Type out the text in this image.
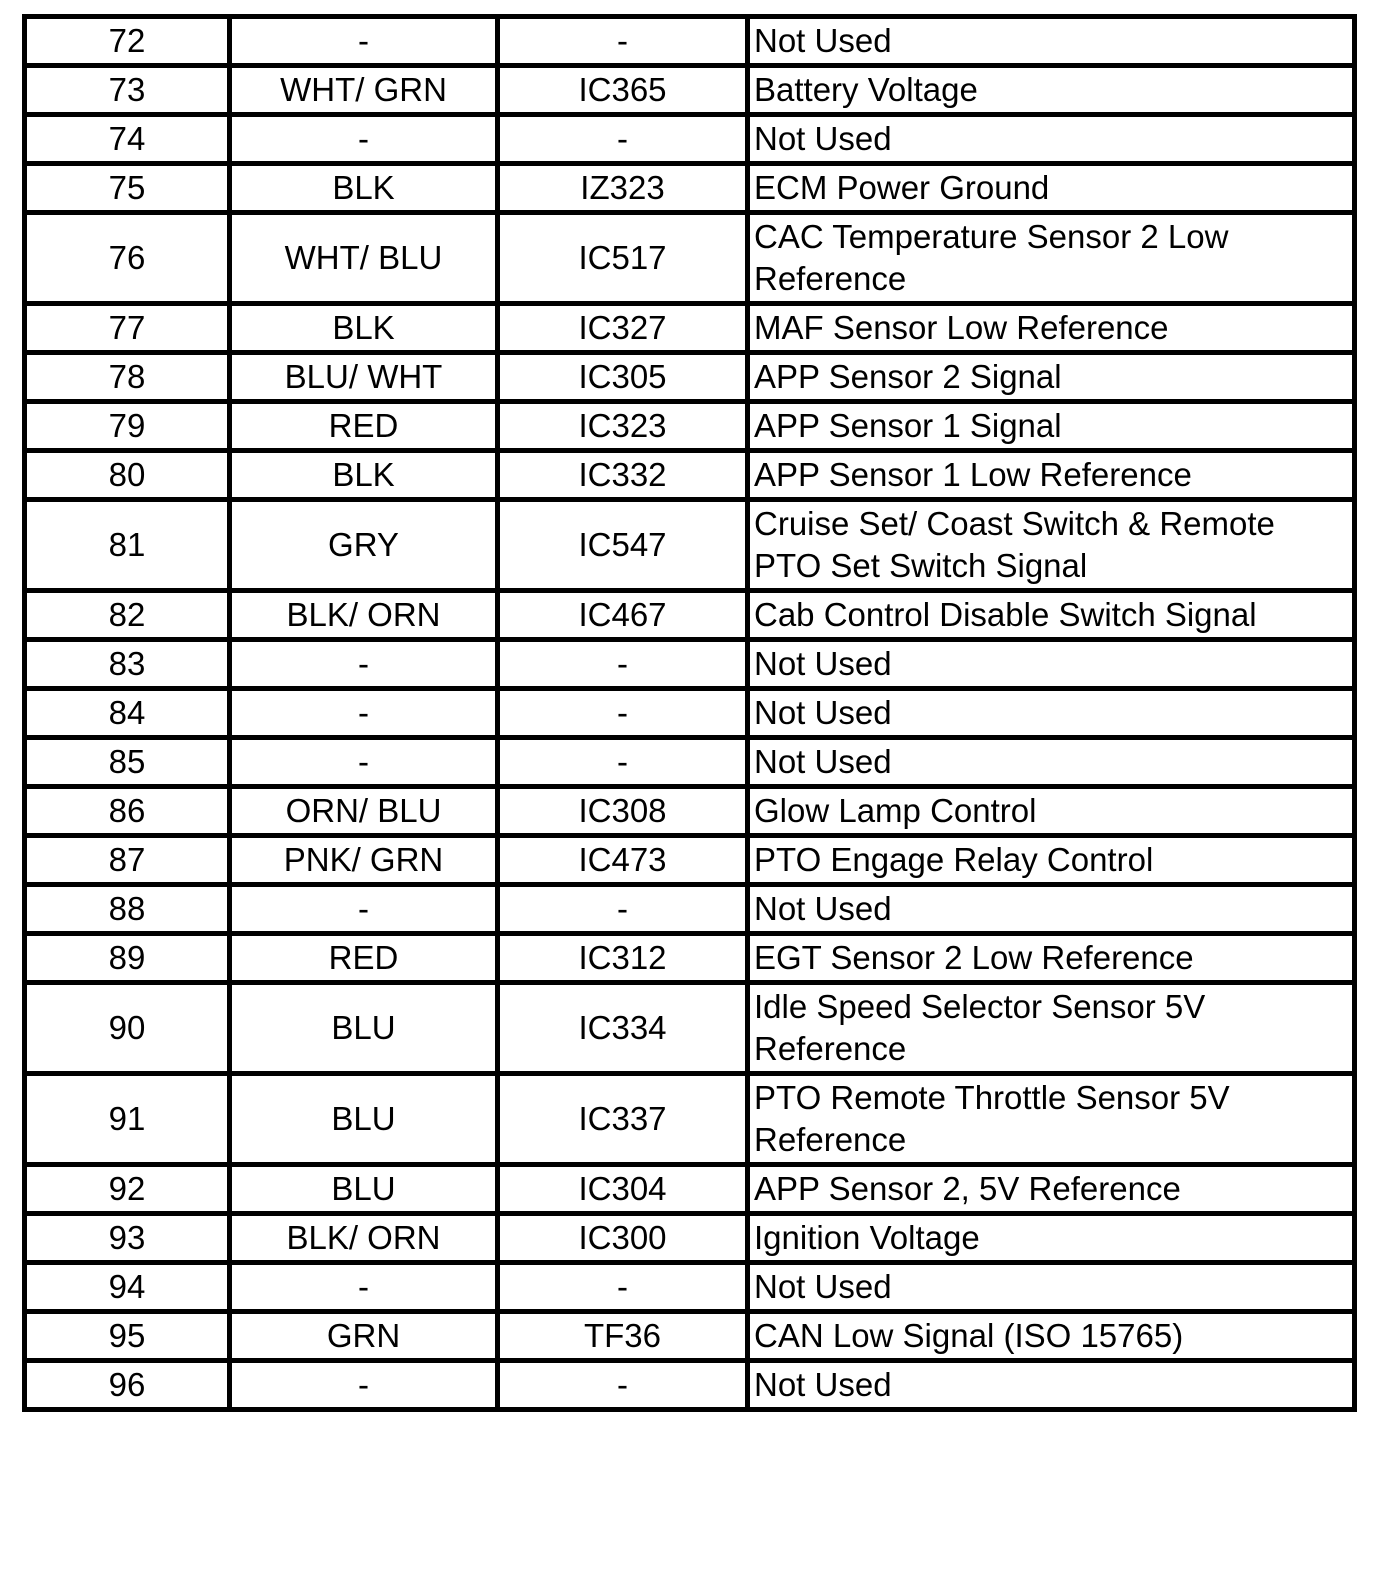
72	-	-	Not Used
73	WHT/ GRN	IC365	Battery Voltage
74	-	-	Not Used
75	BLK	IZ323	ECM Power Ground
76	WHT/ BLU	IC517	CAC Temperature Sensor 2 Low Reference
77	BLK	IC327	MAF Sensor Low Reference
78	BLU/ WHT	IC305	APP Sensor 2 Signal
79	RED	IC323	APP Sensor 1 Signal
80	BLK	IC332	APP Sensor 1 Low Reference
81	GRY	IC547	Cruise Set/ Coast Switch & Remote PTO Set Switch Signal
82	BLK/ ORN	IC467	Cab Control Disable Switch Signal
83	-	-	Not Used
84	-	-	Not Used
85	-	-	Not Used
86	ORN/ BLU	IC308	Glow Lamp Control
87	PNK/ GRN	IC473	PTO Engage Relay Control
88	-	-	Not Used
89	RED	IC312	EGT Sensor 2 Low Reference
90	BLU	IC334	Idle Speed Selector Sensor 5V Reference
91	BLU	IC337	PTO Remote Throttle Sensor 5V Reference
92	BLU	IC304	APP Sensor 2, 5V Reference
93	BLK/ ORN	IC300	Ignition Voltage
94	-	-	Not Used
95	GRN	TF36	CAN Low Signal (ISO 15765)
96	-	-	Not Used
